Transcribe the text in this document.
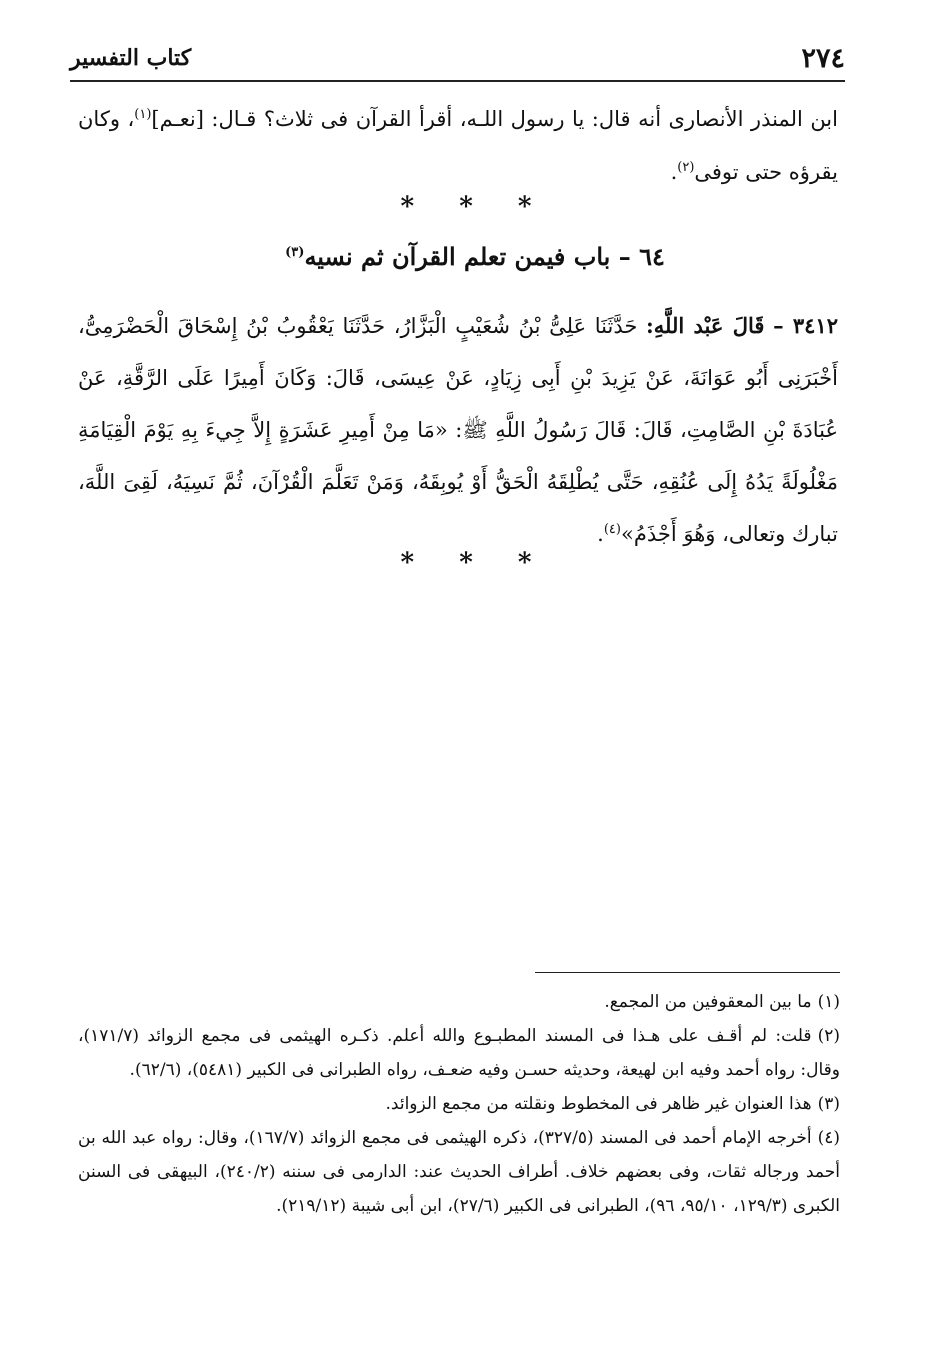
٢٧٤
كتاب التفسير

ابن المنذر الأنصارى أنه قال: يا رسول اللـه، أقرأ القرآن فى ثلاث؟ قـال: [نعـم]$^{(١)}$، وكان يقرؤه حتى توفى$^{(٢)}$.

* * *
٦٤ – باب فيمن تعلم القرآن ثم نسيه$^{(٣)}$

٣٤١٢ – قَالَ عَبْد اللَّهِ: حَدَّثَنَا عَلِىُّ بْنُ شُعَيْبٍ الْبَزَّارُ، حَدَّثَنَا يَعْقُوبُ بْنُ إِسْحَاقَ الْحَضْرَمِىُّ، أَخْبَرَنِى أَبُو عَوَانَةَ، عَنْ يَزِيدَ بْنِ أَبِى زِيَادٍ، عَنْ عِيسَى، قَالَ: وَكَانَ أَمِيرًا عَلَى الرَّقَّةِ، عَنْ عُبَادَةَ بْنِ الصَّامِتِ، قَالَ: قَالَ رَسُولُ اللَّهِ ﷺ: «مَا مِنْ أَمِيرِ عَشَرَةٍ إِلاَّ جِيءَ بِهِ يَوْمَ الْقِيَامَةِ مَغْلُولَةً يَدُهُ إِلَى عُنُقِهِ، حَتَّى يُطْلِقَهُ الْحَقُّ أَوْ يُوبِقَهُ، وَمَنْ تَعَلَّمَ الْقُرْآنَ، ثُمَّ نَسِيَهُ، لَقِىَ اللَّهَ، تبارك وتعالى، وَهُوَ أَجْذَمُ»$^{(٤)}$.

* * *

(١)ما بين المعقوفين من المجمع.

(٢)قلت: لم أقـف على هـذا فى المسند المطبـوع والله أعلم. ذكـره الهيثمى فى مجمع الزوائد (١٧١/٧)، وقال: رواه أحمد وفيه ابن لهيعة، وحديثه حسـن وفيه ضعـف، رواه الطبرانى فى الكبير (٥٤٨١)، (٦٢/٦).

(٣)هذا العنوان غير ظاهر فى المخطوط ونقلته من مجمع الزوائد.

(٤)أخرجه الإمام أحمد فى المسند (٣٢٧/٥)، ذكره الهيثمى فى مجمع الزوائد (١٦٧/٧)، وقال: رواه عبد الله بن أحمد ورجاله ثقات، وفى بعضهم خلاف. أطراف الحديث عند: الدارمى فى سننه (٢٤٠/٢)، البيهقى فى السنن الكبرى (١٢٩/٣، ٩٥/١٠، ٩٦)، الطبرانى فى الكبير (٢٧/٦)، ابن أبى شيبة (٢١٩/١٢).
